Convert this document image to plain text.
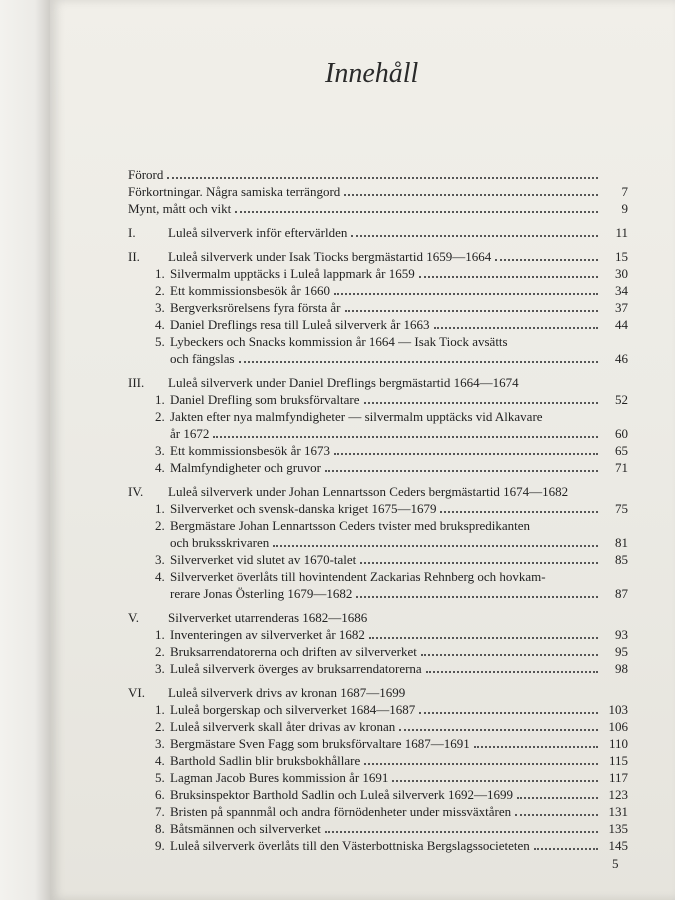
Innehåll
Förord
Förkortningar. Några samiska terrängord	7
Mynt, mått och vikt	9
I. Luleå silververk inför eftervärlden	11
II. Luleå silververk under Isak Tiocks bergmästartid 1659—1664	15
1. Silvermalm upptäcks i Luleå lappmark år 1659	30
2. Ett kommissionsbesök år 1660	34
3. Bergverksrörelsens fyra första år	37
4. Daniel Dreflings resa till Luleå silververk år 1663	44
5. Lybeckers och Snacks kommission år 1664 — Isak Tiock avsätts
och fängslas	46
III. Luleå silververk under Daniel Dreflings bergmästartid 1664—1674
1. Daniel Drefling som bruksförvaltare	52
2. Jakten efter nya malmfyndigheter — silvermalm upptäcks vid Alkavare
år 1672	60
3. Ett kommissionsbesök år 1673	65
4. Malmfyndigheter och gruvor	71
IV. Luleå silververk under Johan Lennartsson Ceders bergmästartid 1674—1682
1. Silververket och svensk-danska kriget 1675—1679	75
2. Bergmästare Johan Lennartsson Ceders tvister med brukspredikanten
och bruksskrivaren	81
3. Silververket vid slutet av 1670-talet	85
4. Silververket överlåts till hovintendent Zackarias Rehnberg och hovkam-
rerare Jonas Österling 1679—1682	87
V. Silververket utarrenderas 1682—1686
1. Inventeringen av silververket år 1682	93
2. Bruksarrendatorerna och driften av silververket	95
3. Luleå silververk överges av bruksarrendatorerna	98
VI. Luleå silververk drivs av kronan 1687—1699
1. Luleå borgerskap och silververket 1684—1687	103
2. Luleå silververk skall åter drivas av kronan	106
3. Bergmästare Sven Fagg som bruksförvaltare 1687—1691	110
4. Barthold Sadlin blir bruksbokhållare	115
5. Lagman Jacob Bures kommission år 1691	117
6. Bruksinspektor Barthold Sadlin och Luleå silververk 1692—1699	123
7. Bristen på spannmål och andra förnödenheter under missväxtåren	131
8. Båtsmännen och silververket	135
9. Luleå silververk överlåts till den Västerbottniska Bergslagssocieteten	145
5
